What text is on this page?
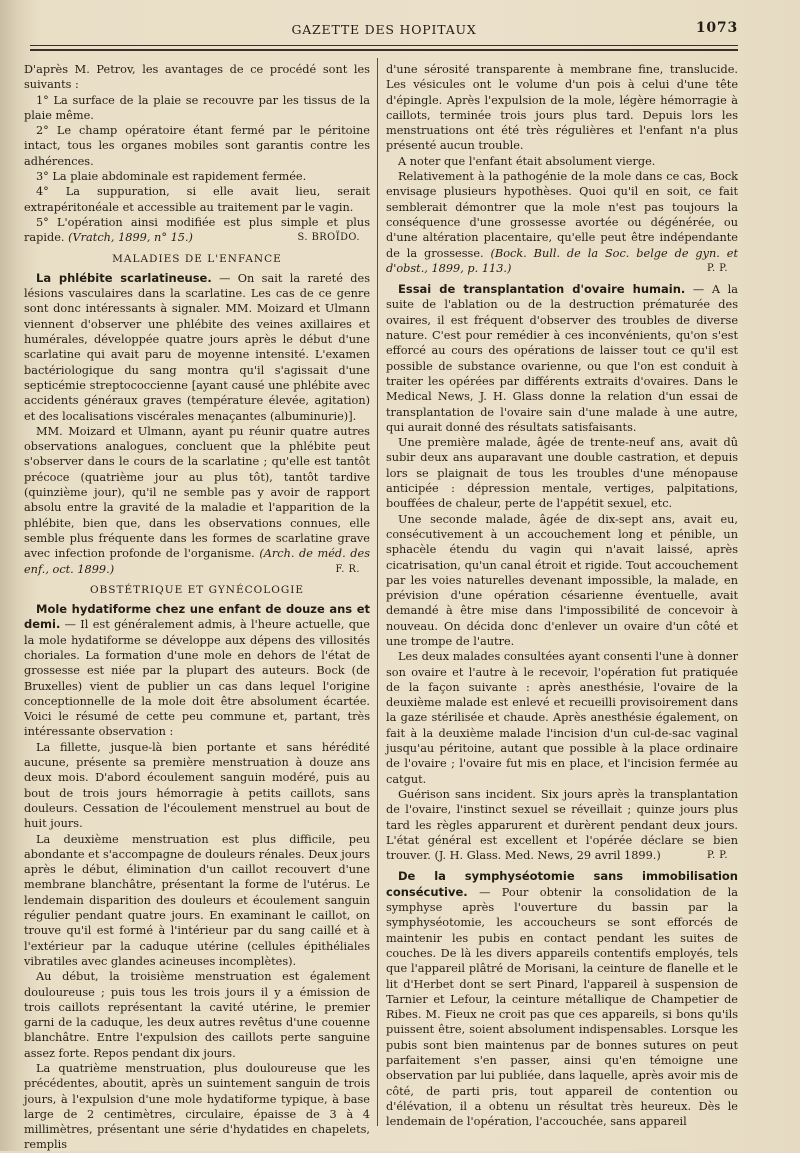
GAZETTE DES HOPITAUX	1073

D'après M. Petrov, les avantages de ce procédé sont les suivants :

1° La surface de la plaie se recouvre par les tissus de la plaie même.

2° Le champ opératoire étant fermé par le péritoine intact, tous les organes mobiles sont garantis contre les adhérences.

3° La plaie abdominale est rapidement fermée.

4° La suppuration, si elle avait lieu, serait extrapéritonéale et accessible au traitement par le vagin.

5° L'opération ainsi modifiée est plus simple et plus rapide. (Vratch, 1899, n° 15.)	S. BROÏDO.

MALADIES DE L'ENFANCE

La phlébite scarlatineuse. — On sait la rareté des lésions vasculaires dans la scarlatine. Les cas de ce genre sont donc intéressants à signaler. MM. Moizard et Ulmann viennent d'observer une phlébite des veines axillaires et humérales, développée quatre jours après le début d'une scarlatine qui avait paru de moyenne intensité. L'examen bactériologique du sang montra qu'il s'agissait d'une septicémie streptococcienne [ayant causé une phlébite avec accidents généraux graves (température élevée, agitation) et des localisations viscérales menaçantes (albuminurie)].

MM. Moizard et Ulmann, ayant pu réunir quatre autres observations analogues, concluent que la phlébite peut s'observer dans le cours de la scarlatine ; qu'elle est tantôt précoce (quatrième jour au plus tôt), tantôt tardive (quinzième jour), qu'il ne semble pas y avoir de rapport absolu entre la gravité de la maladie et l'apparition de la phlébite, bien que, dans les observations connues, elle semble plus fréquente dans les formes de scarlatine grave avec infection profonde de l'organisme. (Arch. de méd. des enf., oct. 1899.)	F. R.

OBSTÉTRIQUE ET GYNÉCOLOGIE

Mole hydatiforme chez une enfant de douze ans et demi. — Il est généralement admis, à l'heure actuelle, que la mole hydatiforme se développe aux dépens des villosités choriales. La formation d'une mole en dehors de l'état de grossesse est niée par la plupart des auteurs. Bock (de Bruxelles) vient de publier un cas dans lequel l'origine conceptionnelle de la mole doit être absolument écartée. Voici le résumé de cette peu commune et, partant, très intéressante observation :

La fillette, jusque-là bien portante et sans hérédité aucune, présente sa première menstruation à douze ans deux mois. D'abord écoulement sanguin modéré, puis au bout de trois jours hémorragie à petits caillots, sans douleurs. Cessation de l'écoulement menstruel au bout de huit jours.

La deuxième menstruation est plus difficile, peu abondante et s'accompagne de douleurs rénales. Deux jours après le début, élimination d'un caillot recouvert d'une membrane blanchâtre, présentant la forme de l'utérus. Le lendemain disparition des douleurs et écoulement sanguin régulier pendant quatre jours. En examinant le caillot, on trouve qu'il est formé à l'intérieur par du sang caillé et à l'extérieur par la caduque utérine (cellules épithéliales vibratiles avec glandes acineuses incomplètes).

Au début, la troisième menstruation est également douloureuse ; puis tous les trois jours il y a émission de trois caillots représentant la cavité utérine, le premier garni de la caduque, les deux autres revêtus d'une couenne blanchâtre. Entre l'expulsion des caillots perte sanguine assez forte. Repos pendant dix jours.

La quatrième menstruation, plus douloureuse que les précédentes, aboutit, après un suintement sanguin de trois jours, à l'expulsion d'une mole hydatiforme typique, à base large de 2 centimètres, circulaire, épaisse de 3 à 4 millimètres, présentant une série d'hydatides en chapelets, remplis

d'une sérosité transparente à membrane fine, translucide. Les vésicules ont le volume d'un pois à celui d'une tête d'épingle. Après l'expulsion de la mole, légère hémorragie à caillots, terminée trois jours plus tard. Depuis lors les menstruations ont été très régulières et l'enfant n'a plus présenté aucun trouble.

A noter que l'enfant était absolument vierge.

Relativement à la pathogénie de la mole dans ce cas, Bock envisage plusieurs hypothèses. Quoi qu'il en soit, ce fait semblerait démontrer que la mole n'est pas toujours la conséquence d'une grossesse avortée ou dégénérée, ou d'une altération placentaire, qu'elle peut être indépendante de la grossesse. (Bock. Bull. de la Soc. belge de gyn. et d'obst., 1899, p. 113.)	P. P.

Essai de transplantation d'ovaire humain. — A la suite de l'ablation ou de la destruction prématurée des ovaires, il est fréquent d'observer des troubles de diverse nature. C'est pour remédier à ces inconvénients, qu'on s'est efforcé au cours des opérations de laisser tout ce qu'il est possible de substance ovarienne, ou que l'on est conduit à traiter les opérées par différents extraits d'ovaires. Dans le Medical News, J. H. Glass donne la relation d'un essai de transplantation de l'ovaire sain d'une malade à une autre, qui aurait donné des résultats satisfaisants.

Une première malade, âgée de trente-neuf ans, avait dû subir deux ans auparavant une double castration, et depuis lors se plaignait de tous les troubles d'une ménopause anticipée : dépression mentale, vertiges, palpitations, bouffées de chaleur, perte de l'appétit sexuel, etc.

Une seconde malade, âgée de dix-sept ans, avait eu, consécutivement à un accouchement long et pénible, un sphacèle étendu du vagin qui n'avait laissé, après cicatrisation, qu'un canal étroit et rigide. Tout accouchement par les voies naturelles devenant impossible, la malade, en prévision d'une opération césarienne éventuelle, avait demandé à être mise dans l'impossibilité de concevoir à nouveau. On décida donc d'enlever un ovaire d'un côté et une trompe de l'autre.

Les deux malades consultées ayant consenti l'une à donner son ovaire et l'autre à le recevoir, l'opération fut pratiquée de la façon suivante : après anesthésie, l'ovaire de la deuxième malade est enlevé et recueilli provisoirement dans la gaze stérilisée et chaude. Après anesthésie également, on fait à la deuxième malade l'incision d'un cul-de-sac vaginal jusqu'au péritoine, autant que possible à la place ordinaire de l'ovaire ; l'ovaire fut mis en place, et l'incision fermée au catgut.

Guérison sans incident. Six jours après la transplantation de l'ovaire, l'instinct sexuel se réveillait ; quinze jours plus tard les règles apparurent et durèrent pendant deux jours. L'état général est excellent et l'opérée déclare se bien trouver. (J. H. Glass. Med. News, 29 avril 1899.)	P. P.

De la symphyséotomie sans immobilisation consécutive. — Pour obtenir la consolidation de la symphyse après l'ouverture du bassin par la symphyséotomie, les accoucheurs se sont efforcés de maintenir les pubis en contact pendant les suites de couches. De là les divers appareils contentifs employés, tels que l'appareil plâtré de Morisani, la ceinture de flanelle et le lit d'Herbet dont se sert Pinard, l'appareil à suspension de Tarnier et Lefour, la ceinture métallique de Champetier de Ribes. M. Fieux ne croit pas que ces appareils, si bons qu'ils puissent être, soient absolument indispensables. Lorsque les pubis sont bien maintenus par de bonnes sutures on peut parfaitement s'en passer, ainsi qu'en témoigne une observation par lui publiée, dans laquelle, après avoir mis de côté, de parti pris, tout appareil de contention ou d'élévation, il a obtenu un résultat très heureux. Dès le lendemain de l'opération, l'accouchée, sans appareil
